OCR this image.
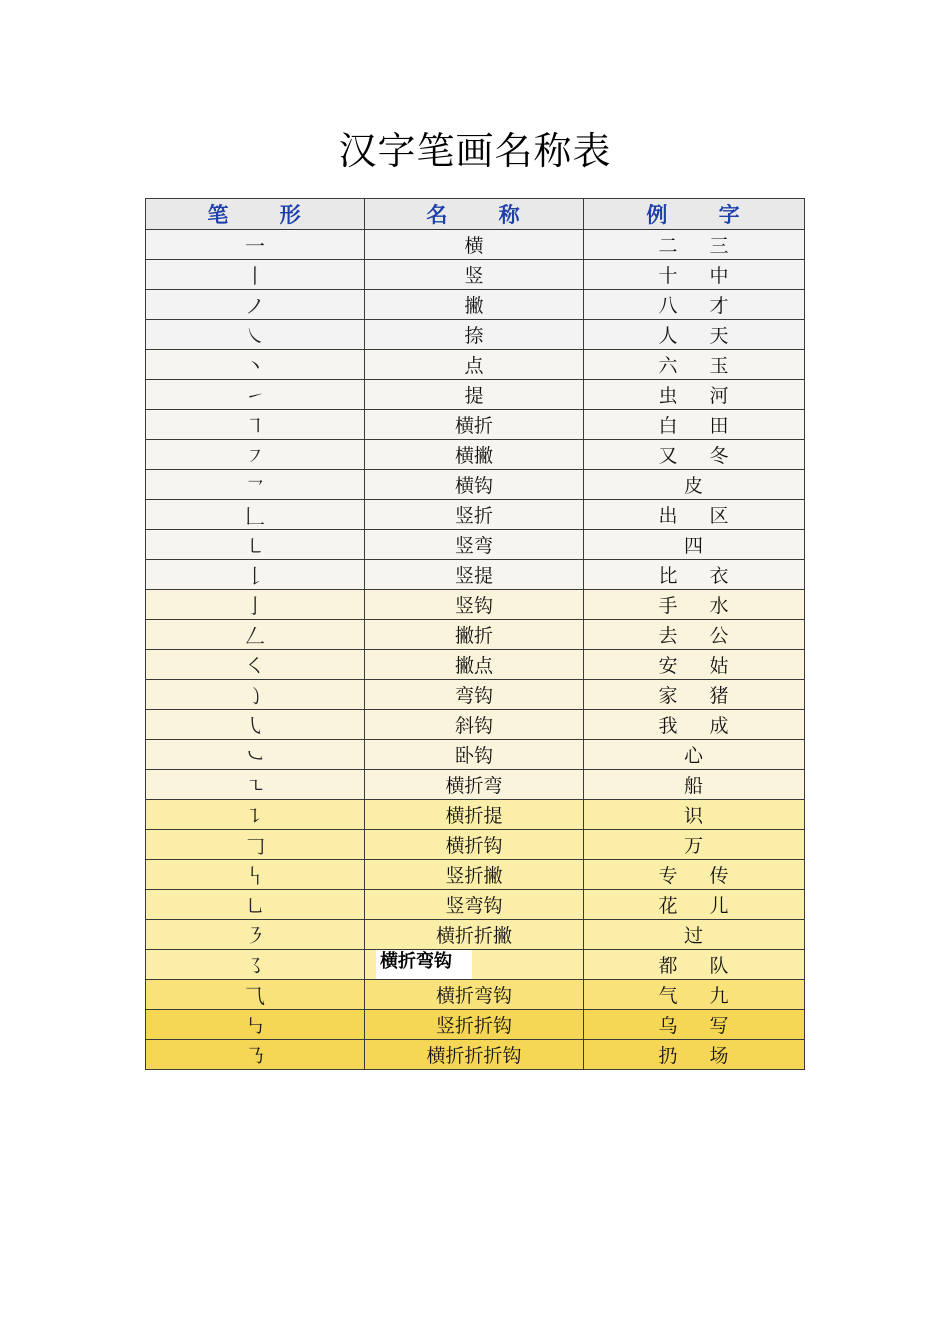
汉字笔画名称表
笔 形	名 称	例 字
一	横	二 三
丨	竖	十 中
ノ	撇	八 才
㇏	捺	人 天
丶	点	六 玉
㇀	提	虫 河
㇕	横折	白 田
㇇	横撇	又 冬
㇖	横钩	皮
𠃊	竖折	出 区
㇄	竖弯	四
𠄌	竖提	比 衣
亅	竖钩	手 水
𠃋	撇折	去 公
㇛	撇点	安 姑
㇁	弯钩	家 猪
㇂	斜钩	我 成
㇃	卧钩	心
㇍	横折弯	船
㇊	横折提	识
𠃌	横折钩	万
𠃑	竖折撇	专 传
㇟	竖弯钩	花 儿
㇋	横折折撇	过
㇌	横折弯钩	都 队
⺄	横折弯钩	气 九
㇉	竖折折钩	乌 写
㇡	横折折折钩	扔 场
